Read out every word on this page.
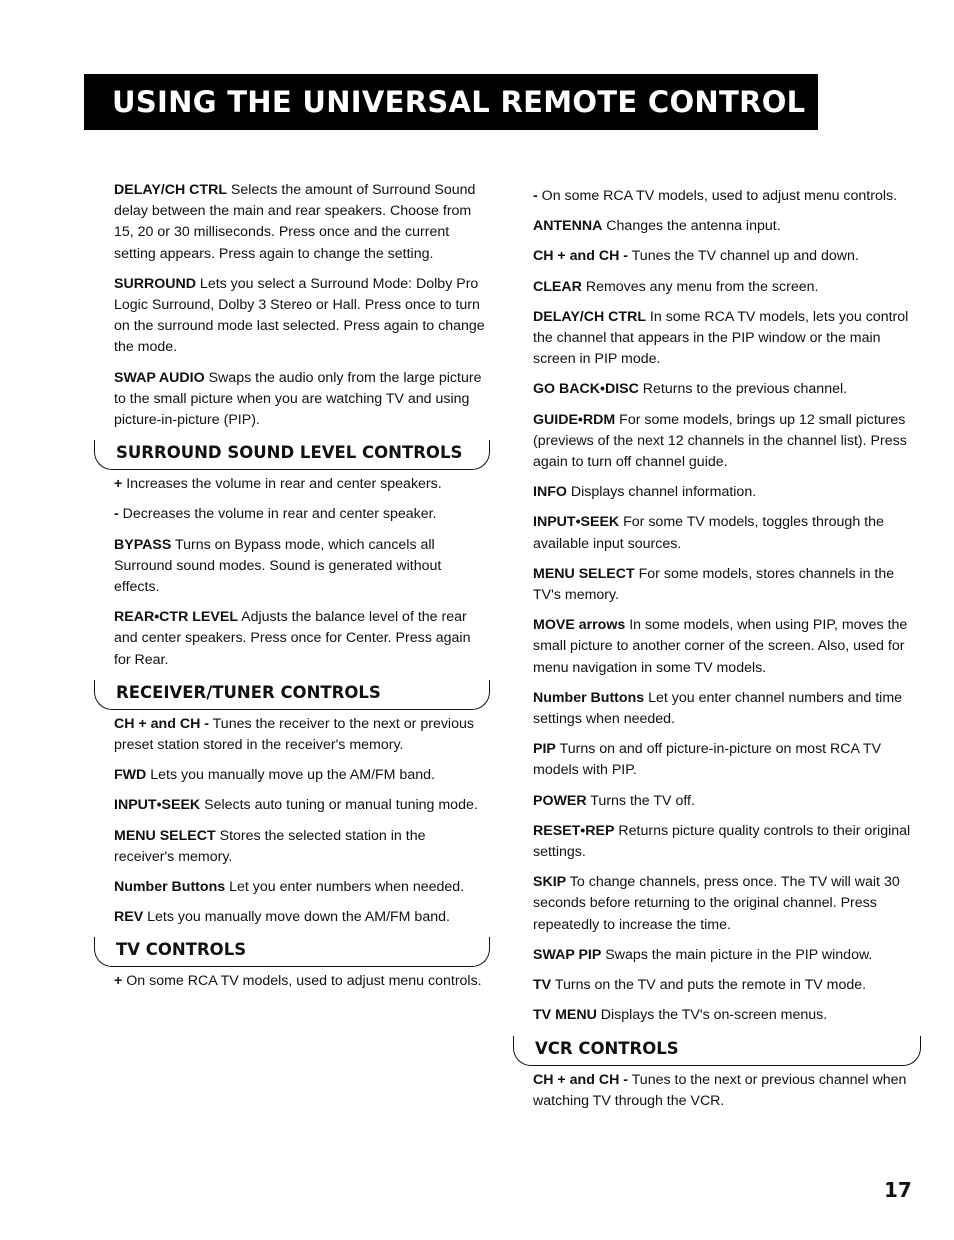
USING THE UNIVERSAL REMOTE CONTROL

DELAY/CH CTRL Selects the amount of Surround Sound delay between the main and rear speakers. Choose from 15, 20 or 30 milliseconds. Press once and the current setting appears. Press again to change the setting.

SURROUND Lets you select a Surround Mode: Dolby Pro Logic Surround, Dolby 3 Stereo or Hall. Press once to turn on the surround mode last selected. Press again to change the mode.

SWAP AUDIO Swaps the audio only from the large picture to the small picture when you are watching TV and using picture-in-picture (PIP).

SURROUND SOUND LEVEL CONTROLS

+ Increases the volume in rear and center speakers.

- Decreases the volume in rear and center speaker.

BYPASS Turns on Bypass mode, which cancels all Surround sound modes. Sound is generated without effects.

REAR•CTR LEVEL Adjusts the balance level of the rear and center speakers. Press once for Center. Press again for Rear.

RECEIVER/TUNER CONTROLS

CH + and CH - Tunes the receiver to the next or previous preset station stored in the receiver's memory.

FWD Lets you manually move up the AM/FM band.

INPUT•SEEK Selects auto tuning or manual tuning mode.

MENU SELECT Stores the selected station in the receiver's memory.

Number Buttons Let you enter numbers when needed.

REV Lets you manually move down the AM/FM band.

TV CONTROLS

+ On some RCA TV models, used to adjust menu controls.

- On some RCA TV models, used to adjust menu controls.

ANTENNA Changes the antenna input.

CH + and CH - Tunes the TV channel up and down.

CLEAR Removes any menu from the screen.

DELAY/CH CTRL In some RCA TV models, lets you control the channel that appears in the PIP window or the main screen in PIP mode.

GO BACK•DISC Returns to the previous channel.

GUIDE•RDM For some models, brings up 12 small pictures (previews of the next 12 channels in the channel list). Press again to turn off channel guide.

INFO Displays channel information.

INPUT•SEEK For some TV models, toggles through the available input sources.

MENU SELECT For some models, stores channels in the TV's memory.

MOVE arrows In some models, when using PIP, moves the small picture to another corner of the screen. Also, used for menu navigation in some TV models.

Number Buttons Let you enter channel numbers and time settings when needed.

PIP Turns on and off picture-in-picture on most RCA TV models with PIP.

POWER Turns the TV off.

RESET•REP Returns picture quality controls to their original settings.

SKIP To change channels, press once. The TV will wait 30 seconds before returning to the original channel. Press repeatedly to increase the time.

SWAP PIP Swaps the main picture in the PIP window.

TV Turns on the TV and puts the remote in TV mode.

TV MENU Displays the TV's on-screen menus.

VCR CONTROLS

CH + and CH - Tunes to the next or previous channel when watching TV through the VCR.

17
